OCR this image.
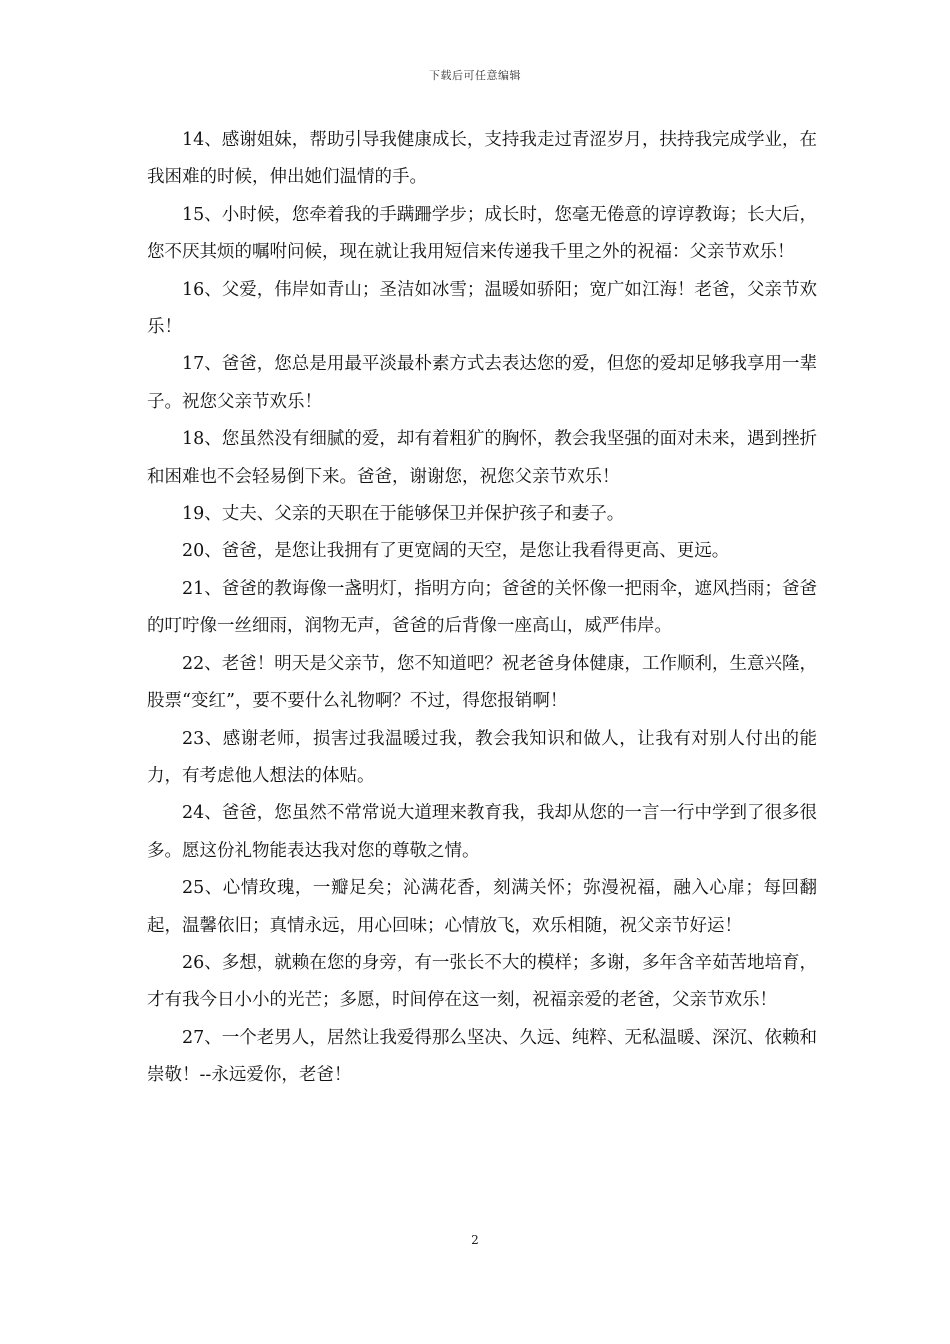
下载后可任意编辑

14、感谢姐妹，帮助引导我健康成长，支持我走过青涩岁月，扶持我完成学业，在我困难的时候，伸出她们温情的手。

15、小时候，您牵着我的手蹒跚学步；成长时，您毫无倦意的谆谆教诲；长大后，您不厌其烦的嘱咐问候，现在就让我用短信来传递我千里之外的祝福：父亲节欢乐！

16、父爱，伟岸如青山；圣洁如冰雪；温暖如骄阳；宽广如江海！老爸，父亲节欢乐！

17、爸爸，您总是用最平淡最朴素方式去表达您的爱，但您的爱却足够我享用一辈子。祝您父亲节欢乐！

18、您虽然没有细腻的爱，却有着粗犷的胸怀，教会我坚强的面对未来，遇到挫折和困难也不会轻易倒下来。爸爸，谢谢您，祝您父亲节欢乐！

19、丈夫、父亲的天职在于能够保卫并保护孩子和妻子。

20、爸爸，是您让我拥有了更宽阔的天空，是您让我看得更高、更远。

21、爸爸的教诲像一盏明灯，指明方向；爸爸的关怀像一把雨伞，遮风挡雨；爸爸的叮咛像一丝细雨，润物无声，爸爸的后背像一座高山，威严伟岸。

22、老爸！明天是父亲节，您不知道吧？祝老爸身体健康，工作顺利，生意兴隆，股票“变红”，要不要什么礼物啊？不过，得您报销啊！

23、感谢老师，损害过我温暖过我，教会我知识和做人，让我有对别人付出的能力，有考虑他人想法的体贴。

24、爸爸，您虽然不常常说大道理来教育我，我却从您的一言一行中学到了很多很多。愿这份礼物能表达我对您的尊敬之情。

25、心情玫瑰，一瓣足矣；沁满花香，刻满关怀；弥漫祝福，融入心扉；每回翻起，温馨依旧；真情永远，用心回味；心情放飞，欢乐相随，祝父亲节好运！

26、多想，就赖在您的身旁，有一张长不大的模样；多谢，多年含辛茹苦地培育，才有我今日小小的光芒；多愿，时间停在这一刻，祝福亲爱的老爸，父亲节欢乐！

27、一个老男人，居然让我爱得那么坚决、久远、纯粹、无私温暖、深沉、依赖和崇敬！--永远爱你，老爸！

2
